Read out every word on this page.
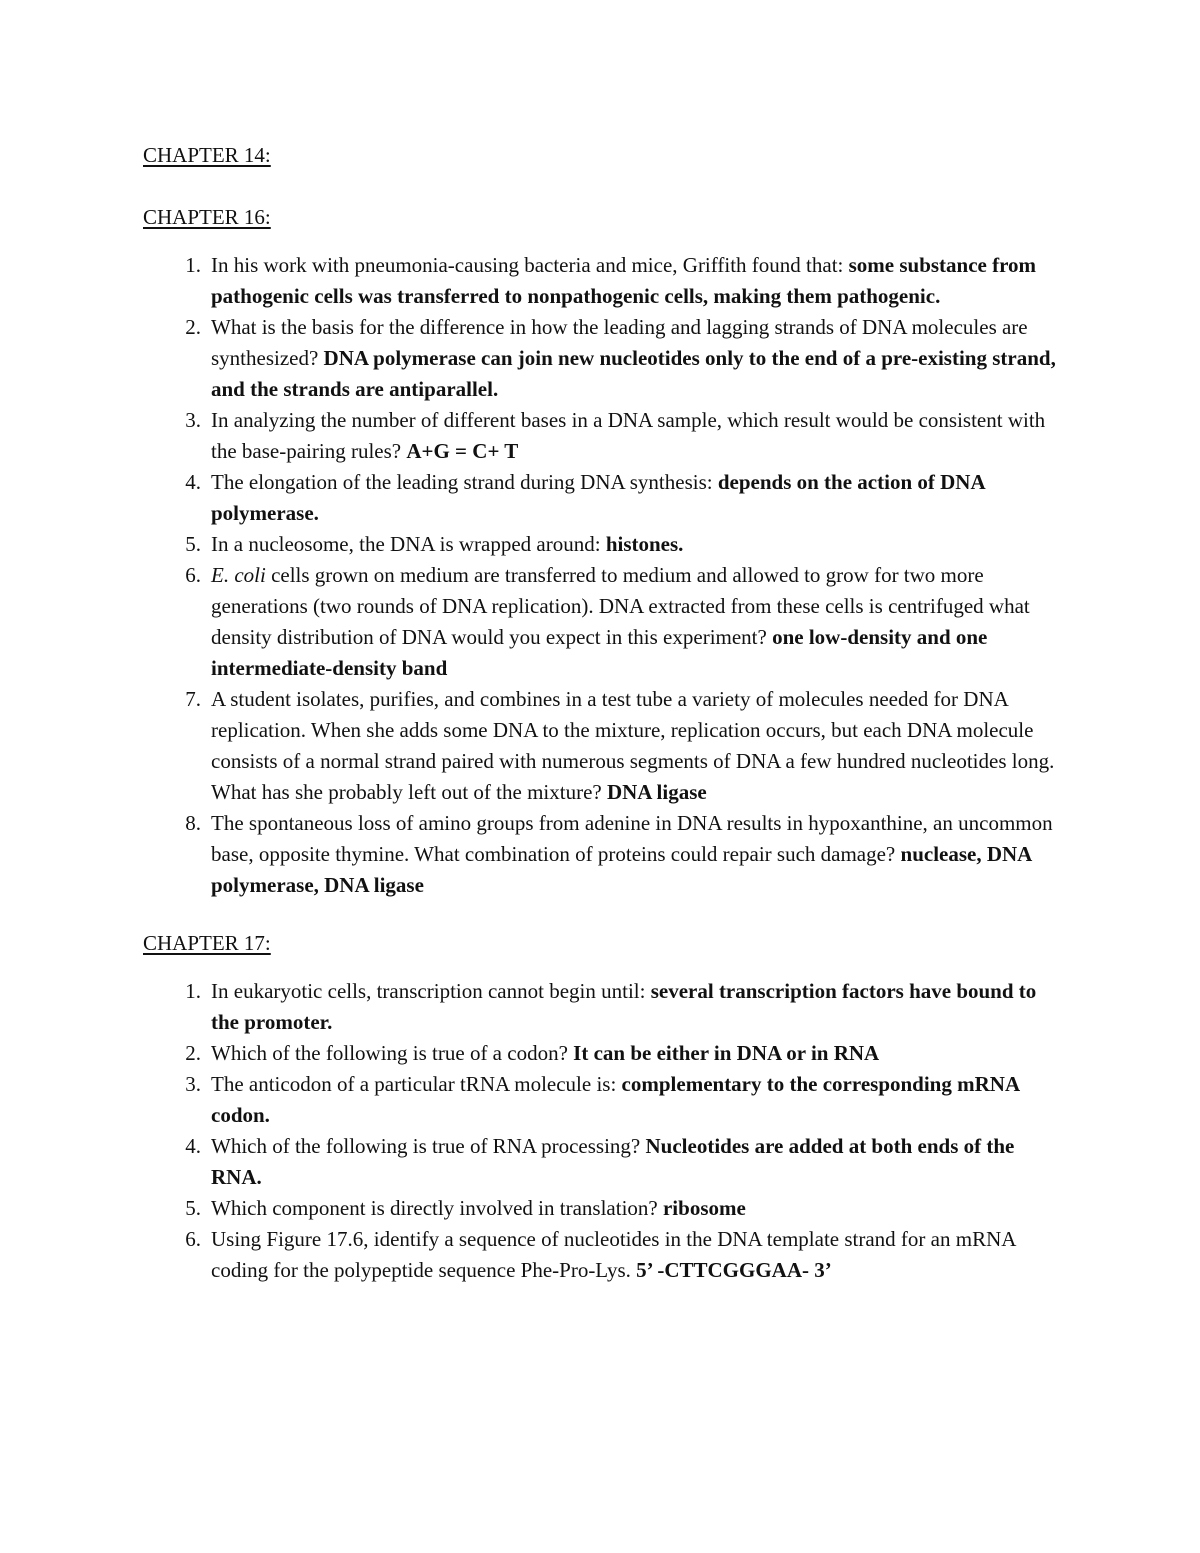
CHAPTER 14:
CHAPTER 16:
1. In his work with pneumonia-causing bacteria and mice, Griffith found that: some substance from pathogenic cells was transferred to nonpathogenic cells, making them pathogenic.
2. What is the basis for the difference in how the leading and lagging strands of DNA molecules are synthesized? DNA polymerase can join new nucleotides only to the end of a pre-existing strand, and the strands are antiparallel.
3. In analyzing the number of different bases in a DNA sample, which result would be consistent with the base-pairing rules? A+G = C+ T
4. The elongation of the leading strand during DNA synthesis: depends on the action of DNA polymerase.
5. In a nucleosome, the DNA is wrapped around: histones.
6. E. coli cells grown on medium are transferred to medium and allowed to grow for two more generations (two rounds of DNA replication). DNA extracted from these cells is centrifuged what density distribution of DNA would you expect in this experiment? one low-density and one intermediate-density band
7. A student isolates, purifies, and combines in a test tube a variety of molecules needed for DNA replication. When she adds some DNA to the mixture, replication occurs, but each DNA molecule consists of a normal strand paired with numerous segments of DNA a few hundred nucleotides long. What has she probably left out of the mixture? DNA ligase
8. The spontaneous loss of amino groups from adenine in DNA results in hypoxanthine, an uncommon base, opposite thymine. What combination of proteins could repair such damage? nuclease, DNA polymerase, DNA ligase
CHAPTER 17:
1. In eukaryotic cells, transcription cannot begin until: several transcription factors have bound to the promoter.
2. Which of the following is true of a codon? It can be either in DNA or in RNA
3. The anticodon of a particular tRNA molecule is: complementary to the corresponding mRNA codon.
4. Which of the following is true of RNA processing? Nucleotides are added at both ends of the RNA.
5. Which component is directly involved in translation? ribosome
6. Using Figure 17.6, identify a sequence of nucleotides in the DNA template strand for an mRNA coding for the polypeptide sequence Phe-Pro-Lys. 5’ -CTTCGGGAA- 3’
